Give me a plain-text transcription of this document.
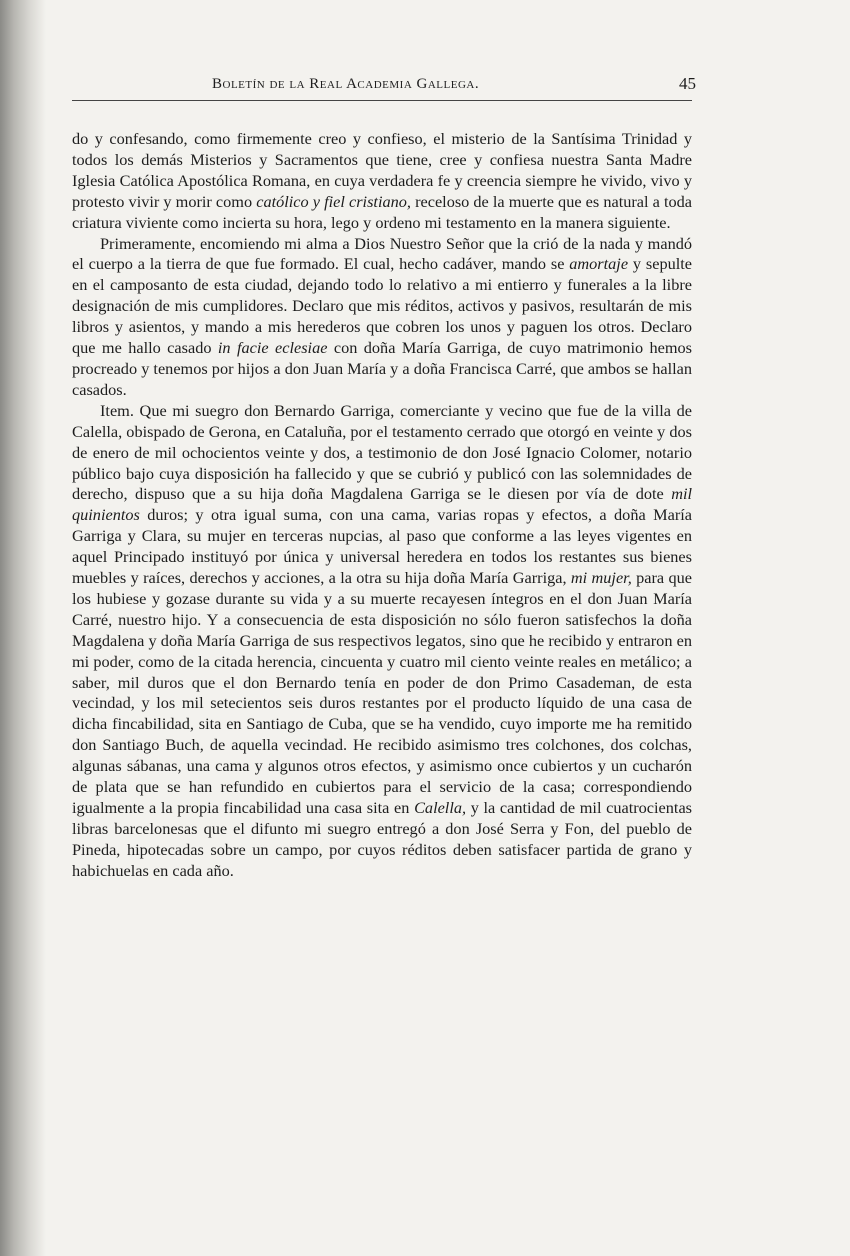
Boletín de la Real Academia Gallega.	45

do y confesando, como firmemente creo y confieso, el misterio de la Santísima Trinidad y todos los demás Misterios y Sacramentos que tiene, cree y confiesa nuestra Santa Madre Iglesia Católica Apostólica Romana, en cuya verdadera fe y creencia siempre he vivido, vivo y protesto vivir y morir como católico y fiel cristiano, receloso de la muerte que es natural a toda criatura viviente como incierta su hora, lego y ordeno mi testamento en la manera siguiente.

Primeramente, encomiendo mi alma a Dios Nuestro Señor que la crió de la nada y mandó el cuerpo a la tierra de que fue formado. El cual, hecho cadáver, mando se amortaje y sepulte en el camposanto de esta ciudad, dejando todo lo relativo a mi entierro y funerales a la libre designación de mis cumplidores. Declaro que mis réditos, activos y pasivos, resultarán de mis libros y asientos, y mando a mis herederos que cobren los unos y paguen los otros. Declaro que me hallo casado in facie eclesiae con doña María Garriga, de cuyo matrimonio hemos procreado y tenemos por hijos a don Juan María y a doña Francisca Carré, que ambos se hallan casados.

Item. Que mi suegro don Bernardo Garriga, comerciante y vecino que fue de la villa de Calella, obispado de Gerona, en Cataluña, por el testamento cerrado que otorgó en veinte y dos de enero de mil ochocientos veinte y dos, a testimonio de don José Ignacio Colomer, notario público bajo cuya disposición ha fallecido y que se cubrió y publicó con las solemnidades de derecho, dispuso que a su hija doña Magdalena Garriga se le diesen por vía de dote mil quinientos duros; y otra igual suma, con una cama, varias ropas y efectos, a doña María Garriga y Clara, su mujer en terceras nupcias, al paso que conforme a las leyes vigentes en aquel Principado instituyó por única y universal heredera en todos los restantes sus bienes muebles y raíces, derechos y acciones, a la otra su hija doña María Garriga, mi mujer, para que los hubiese y gozase durante su vida y a su muerte recayesen íntegros en el don Juan María Carré, nuestro hijo. Y a consecuencia de esta disposición no sólo fueron satisfechos la doña Magdalena y doña María Garriga de sus respectivos legatos, sino que he recibido y entraron en mi poder, como de la citada herencia, cincuenta y cuatro mil ciento veinte reales en metálico; a saber, mil duros que el don Bernardo tenía en poder de don Primo Casademan, de esta vecindad, y los mil setecientos seis duros restantes por el producto líquido de una casa de dicha fincabilidad, sita en Santiago de Cuba, que se ha vendido, cuyo importe me ha remitido don Santiago Buch, de aquella vecindad. He recibido asimismo tres colchones, dos colchas, algunas sábanas, una cama y algunos otros efectos, y asimismo once cubiertos y un cucharón de plata que se han refundido en cubiertos para el servicio de la casa; correspondiendo igualmente a la propia fincabilidad una casa sita en Calella, y la cantidad de mil cuatrocientas libras barcelonesas que el difunto mi suegro entregó a don José Serra y Fon, del pueblo de Pineda, hipotecadas sobre un campo, por cuyos réditos deben satisfacer partida de grano y habichuelas en cada año.
